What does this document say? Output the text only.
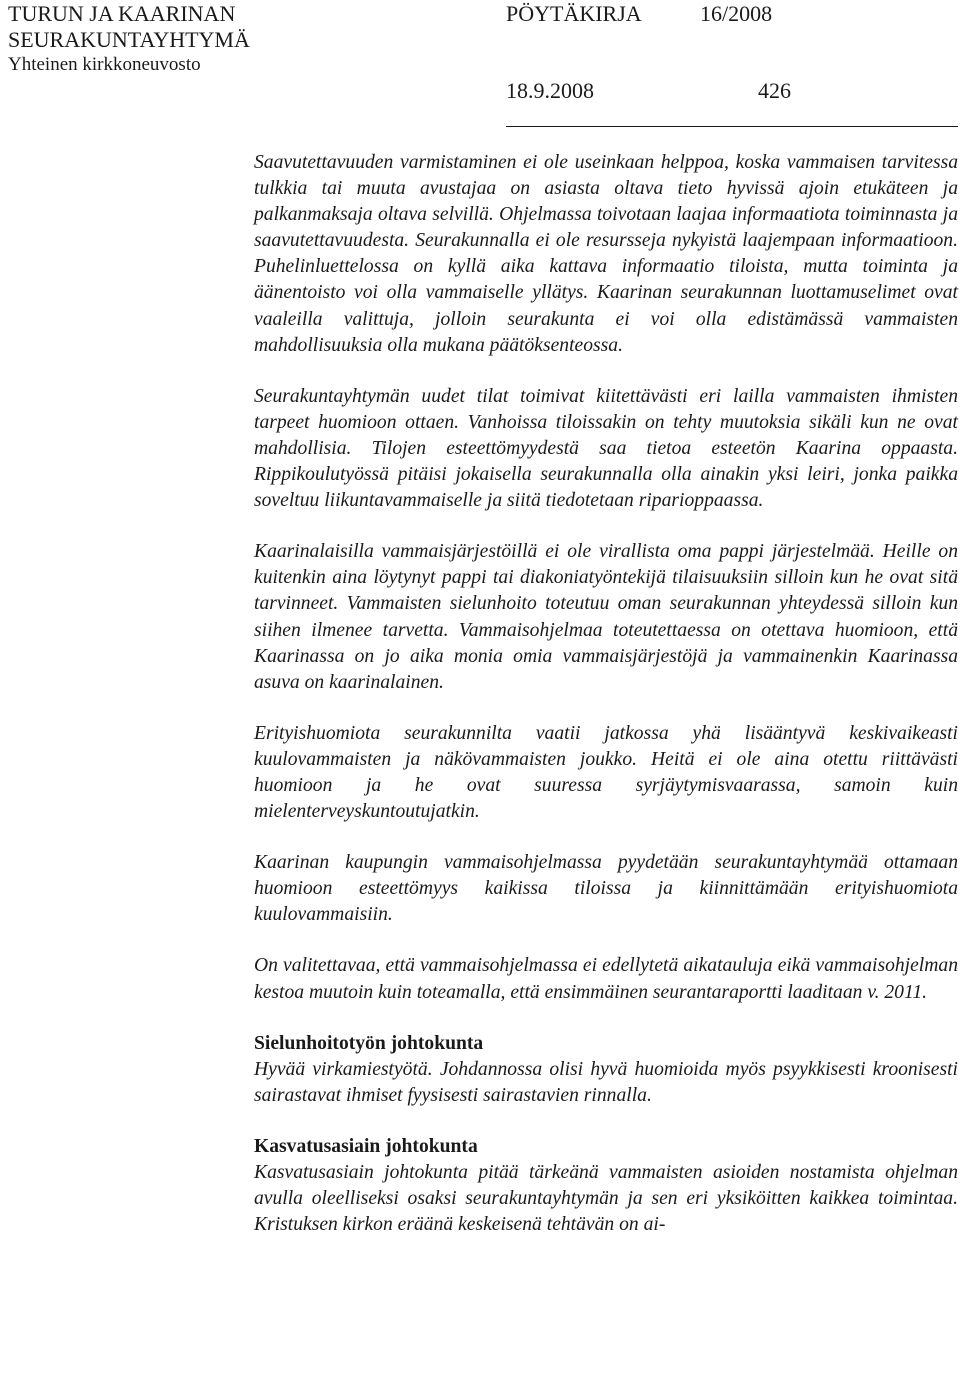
TURUN JA KAARINAN
SEURAKUNTAYHTYMÄ
Yhteinen kirkkoneuvosto
PÖYTÄKIRJA	16/2008
18.9.2008	426

Saavutettavuuden varmistaminen ei ole useinkaan helppoa, koska vammaisen tarvitessa tulkkia tai muuta avustajaa on asiasta oltava tieto hyvissä ajoin etukäteen ja palkanmaksaja oltava selvillä. Ohjelmassa toivotaan laajaa informaatiota toiminnasta ja saavutettavuudesta. Seurakunnalla ei ole resursseja nykyistä laajempaan informaatioon. Puhelinluettelossa on kyllä aika kattava informaatio tiloista, mutta toiminta ja äänentoisto voi olla vammaiselle yllätys. Kaarinan seurakunnan luottamuselimet ovat vaaleilla valittuja, jolloin seurakunta ei voi olla edistämässä vammaisten mahdollisuuksia olla mukana päätöksenteossa.

Seurakuntayhtymän uudet tilat toimivat kiitettävästi eri lailla vammaisten ihmisten tarpeet huomioon ottaen. Vanhoissa tiloissakin on tehty muutoksia sikäli kun ne ovat mahdollisia. Tilojen esteettömyydestä saa tietoa esteetön Kaarina oppaasta. Rippikoulutyössä pitäisi jokaisella seurakunnalla olla ainakin yksi leiri, jonka paikka soveltuu liikuntavammaiselle ja siitä tiedotetaan riparioppaassa.

Kaarinalaisilla vammaisjärjestöillä ei ole virallista oma pappi järjestelmää. Heille on kuitenkin aina löytynyt pappi tai diakoniatyöntekijä tilaisuuksiin silloin kun he ovat sitä tarvinneet. Vammaisten sielunhoito toteutuu oman seurakunnan yhteydessä silloin kun siihen ilmenee tarvetta. Vammaisohjelmaa toteutettaessa on otettava huomioon, että Kaarinassa on jo aika monia omia vammaisjärjestöjä ja vammainenkin Kaarinassa asuva on kaarinalainen.

Erityishuomiota seurakunnilta vaatii jatkossa yhä lisääntyvä keskivaikeasti kuulovammaisten ja näkövammaisten joukko. Heitä ei ole aina otettu riittävästi huomioon ja he ovat suuressa syrjäytymisvaarassa, samoin kuin mielenterveyskuntoutujatkin.

Kaarinan kaupungin vammaisohjelmassa pyydetään seurakuntayhtymää ottamaan huomioon esteettömyys kaikissa tiloissa ja kiinnittämään erityishuomiota kuulovammaisiin.

On valitettavaa, että vammaisohjelmassa ei edellytetä aikatauluja eikä vammaisohjelman kestoa muutoin kuin toteamalla, että ensimmäinen seurantaraportti laaditaan v. 2011.

Sielunhoitotyön johtokunta

Hyvää virkamiestyötä. Johdannossa olisi hyvä huomioida myös psyykkisesti kroonisesti sairastavat ihmiset fyysisesti sairastavien rinnalla.

Kasvatusasiain johtokunta

Kasvatusasiain johtokunta pitää tärkeänä vammaisten asioiden nostamista ohjelman avulla oleelliseksi osaksi seurakuntayhtymän ja sen eri yksiköitten kaikkea toimintaa. Kristuksen kirkon eräänä keskeisenä tehtävän on ai-
